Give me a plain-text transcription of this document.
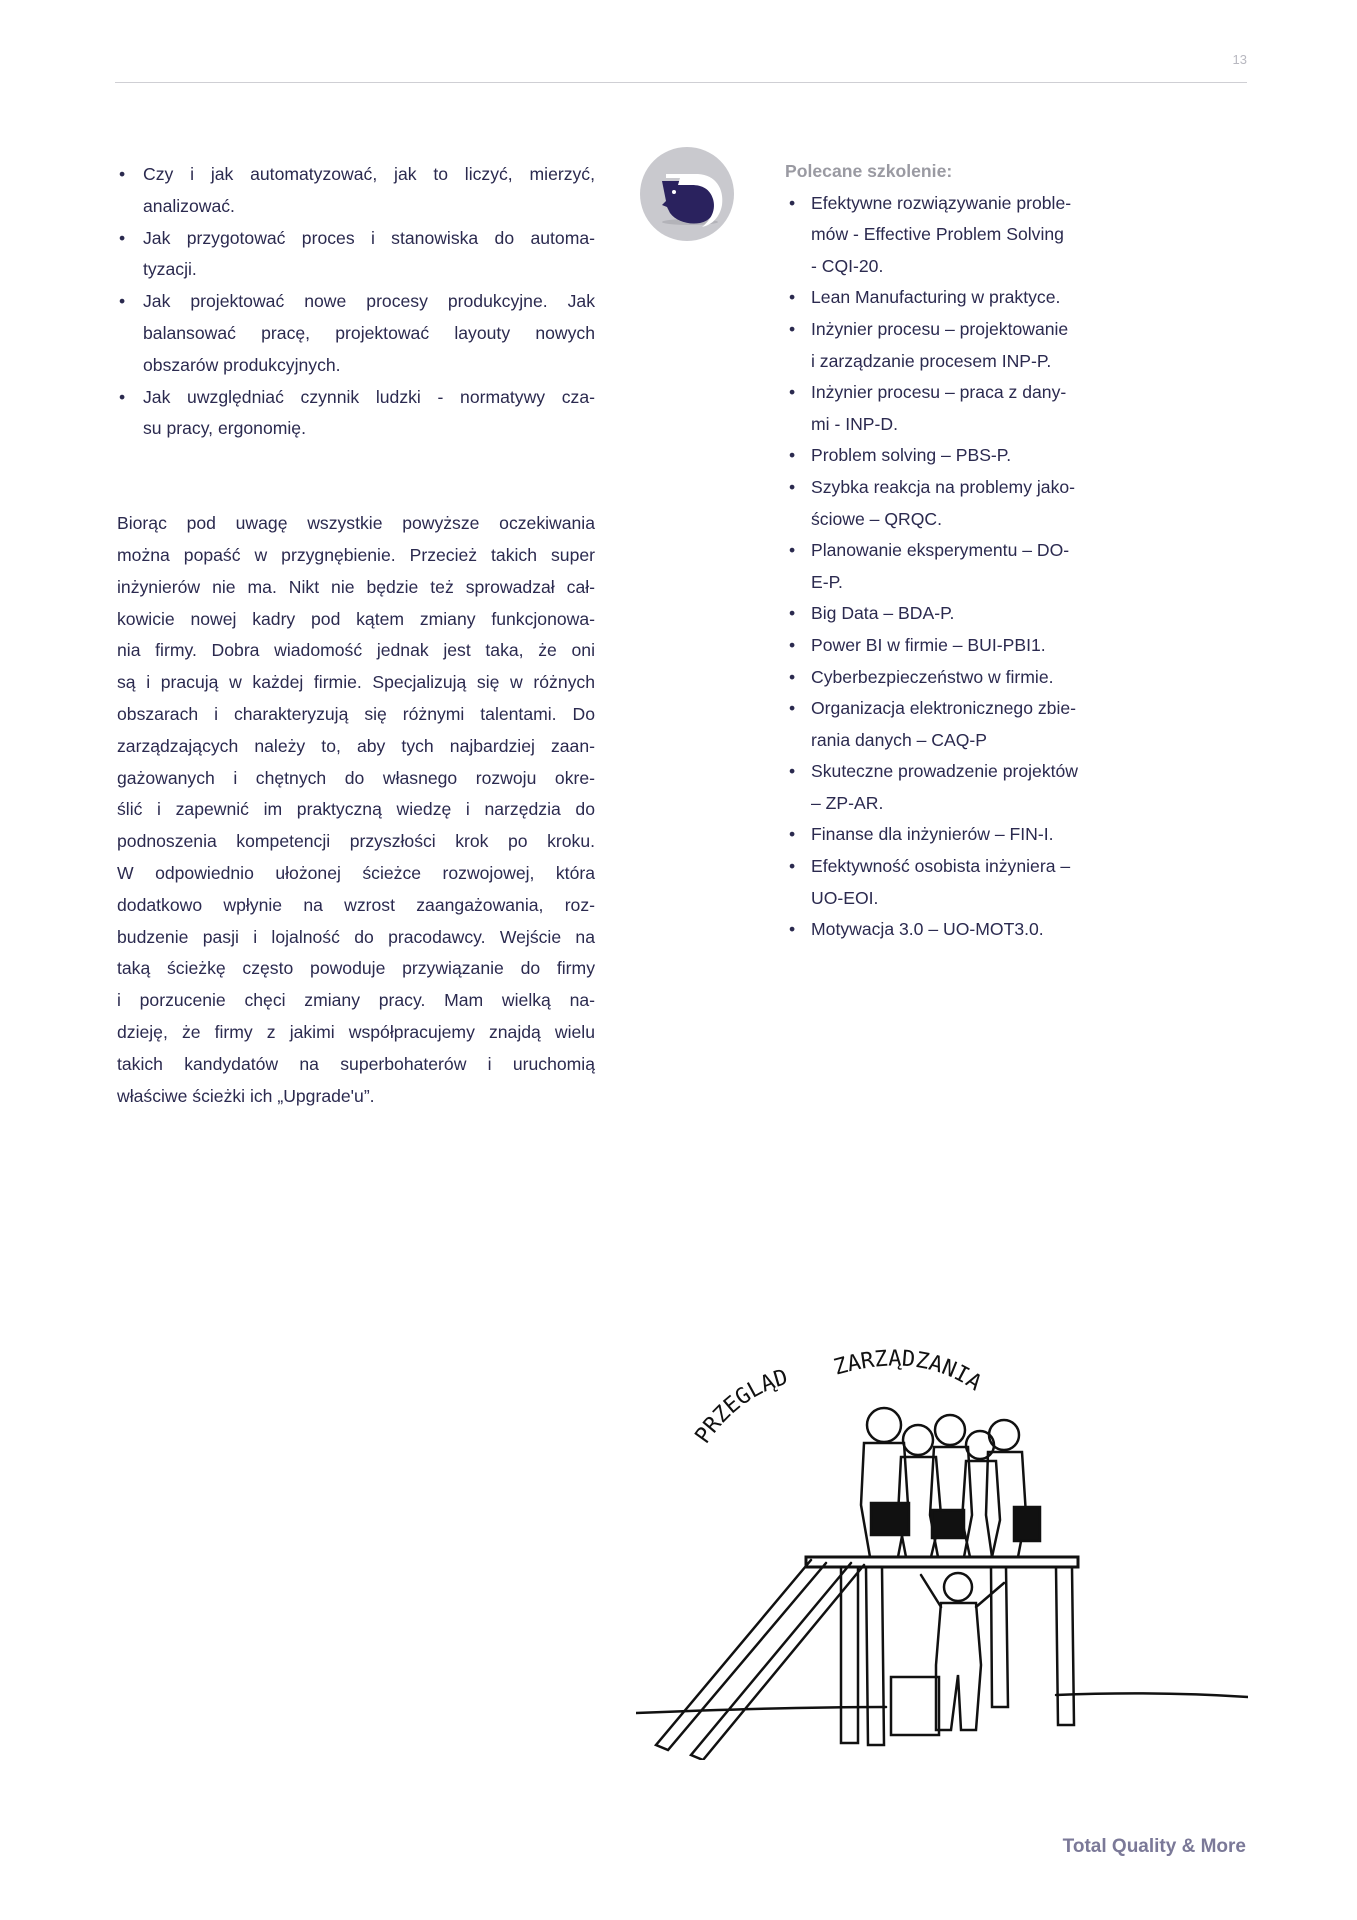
13
• Czy i jak automatyzować, jak to liczyć, mierzyć,
analizować.
• Jak przygotować proces i stanowiska do automa-
tyzacji.
• Jak projektować nowe procesy produkcyjne. Jak
balansować pracę, projektować layouty nowych
obszarów produkcyjnych.
• Jak uwzględniać czynnik ludzki - normatywy cza-
su pracy, ergonomię.
Biorąc pod uwagę wszystkie powyższe oczekiwania
można popaść w przygnębienie. Przecież takich super
inżynierów nie ma. Nikt nie będzie też sprowadzał cał-
kowicie nowej kadry pod kątem zmiany funkcjonowa-
nia firmy. Dobra wiadomość jednak jest taka, że oni
są i pracują w każdej firmie. Specjalizują się w różnych
obszarach i charakteryzują się różnymi talentami. Do
zarządzających należy to, aby tych najbardziej zaan-
gażowanych i chętnych do własnego rozwoju okre-
ślić i zapewnić im praktyczną wiedzę i narzędzia do
podnoszenia kompetencji przyszłości krok po kroku.
W odpowiednio ułożonej ścieżce rozwojowej, która
dodatkowo wpłynie na wzrost zaangażowania, roz-
budzenie pasji i lojalność do pracodawcy. Wejście na
taką ścieżkę często powoduje przywiązanie do firmy
i porzucenie chęci zmiany pracy. Mam wielką na-
dzieję, że firmy z jakimi współpracujemy znajdą wielu
takich kandydatów na superbohaterów i uruchomią
właściwe ścieżki ich „Upgrade'u”.
Polecane szkolenie:
• Efektywne rozwiązywanie proble-
mów - Effective Problem Solving
- CQI-20.
• Lean Manufacturing w praktyce.
• Inżynier procesu – projektowanie
i zarządzanie procesem INP-P.
• Inżynier procesu – praca z dany-
mi - INP-D.
• Problem solving – PBS-P.
• Szybka reakcja na problemy jako-
ściowe – QRQC.
• Planowanie eksperymentu – DO-
E-P.
• Big Data – BDA-P.
• Power BI w firmie – BUI-PBI1.
• Cyberbezpieczeństwo w firmie.
• Organizacja elektronicznego zbie-
rania danych – CAQ-P
• Skuteczne prowadzenie projektów
– ZP-AR.
• Finanse dla inżynierów – FIN-I.
• Efektywność osobista inżyniera –
UO-EOI.
• Motywacja 3.0 – UO-MOT3.0.
PRZEGLĄD ZARZĄDZANIA
Total Quality & More
